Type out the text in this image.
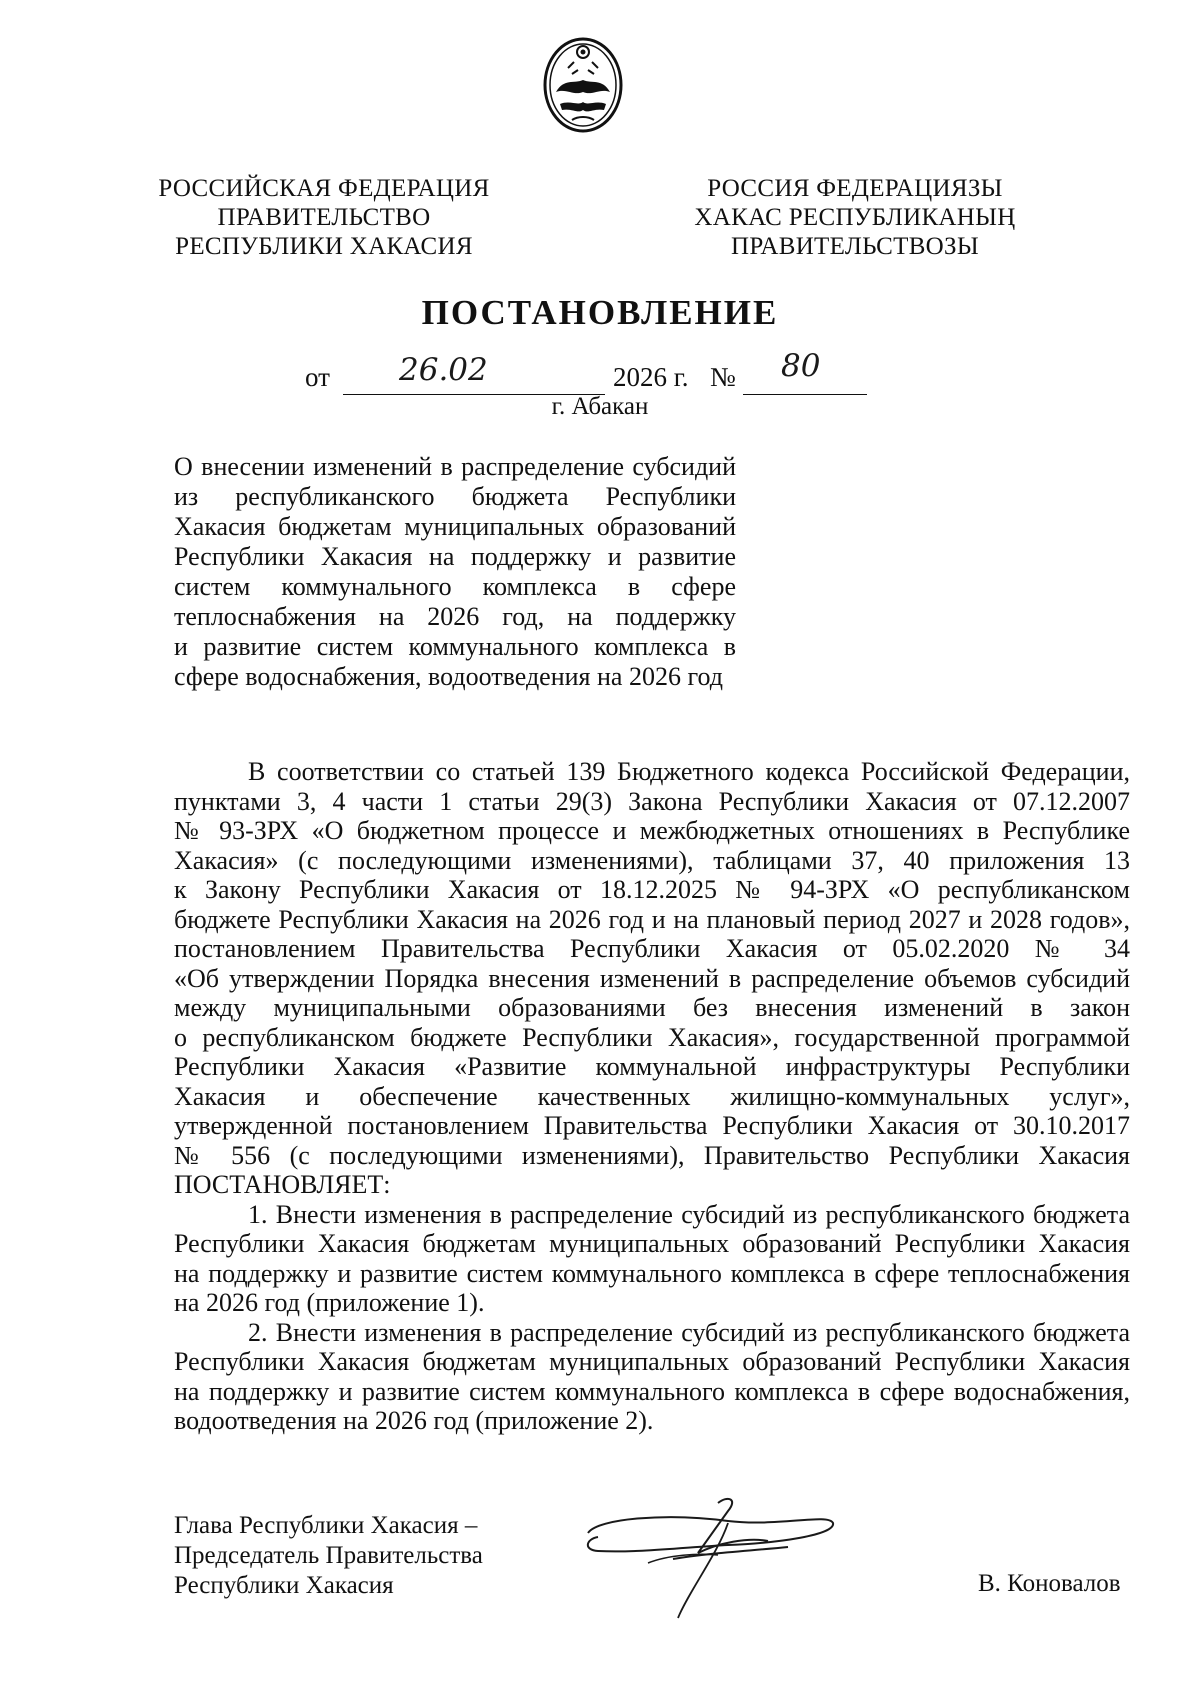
РОССИЙСКАЯ ФЕДЕРАЦИЯ
ПРАВИТЕЛЬСТВО
РЕСПУБЛИКИ ХАКАСИЯ
РОССИЯ ФЕДЕРАЦИЯЗЫ
ХАКАС РЕСПУБЛИКАНЫҢ
ПРАВИТЕЛЬСТВОЗЫ
ПОСТАНОВЛЕНИЕ
от 26.02	2026 г. № 80
г. Абакан
О внесении изменений в распределение субсидий
из республиканского бюджета Республики
Хакасия бюджетам муниципальных образований
Республики Хакасия на поддержку и развитие
систем коммунального комплекса в сфере
теплоснабжения на 2026 год, на поддержку
и развитие систем коммунального комплекса в
сфере водоснабжения, водоотведения на 2026 год
В соответствии со статьей 139 Бюджетного кодекса Российской Федерации,
пунктами 3, 4 части 1 статьи 29(3) Закона Республики Хакасия от 07.12.2007
№ 93-ЗРХ «О бюджетном процессе и межбюджетных отношениях в Республике
Хакасия» (с последующими изменениями), таблицами 37, 40 приложения 13
к Закону Республики Хакасия от 18.12.2025 № 94-ЗРХ «О республиканском
бюджете Республики Хакасия на 2026 год и на плановый период 2027 и 2028 годов»,
постановлением Правительства Республики Хакасия от 05.02.2020 № 34
«Об утверждении Порядка внесения изменений в распределение объемов субсидий
между муниципальными образованиями без внесения изменений в закон
о республиканском бюджете Республики Хакасия», государственной программой
Республики Хакасия «Развитие коммунальной инфраструктуры Республики
Хакасия и обеспечение качественных жилищно-коммунальных услуг»,
утвержденной постановлением Правительства Республики Хакасия от 30.10.2017
№ 556 (с последующими изменениями), Правительство Республики Хакасия
ПОСТАНОВЛЯЕТ:
1. Внести изменения в распределение субсидий из республиканского бюджета
Республики Хакасия бюджетам муниципальных образований Республики Хакасия
на поддержку и развитие систем коммунального комплекса в сфере теплоснабжения
на 2026 год (приложение 1).
2. Внести изменения в распределение субсидий из республиканского бюджета
Республики Хакасия бюджетам муниципальных образований Республики Хакасия
на поддержку и развитие систем коммунального комплекса в сфере водоснабжения,
водоотведения на 2026 год (приложение 2).
Глава Республики Хакасия –
Председатель Правительства
Республики Хакасия	В. Коновалов
